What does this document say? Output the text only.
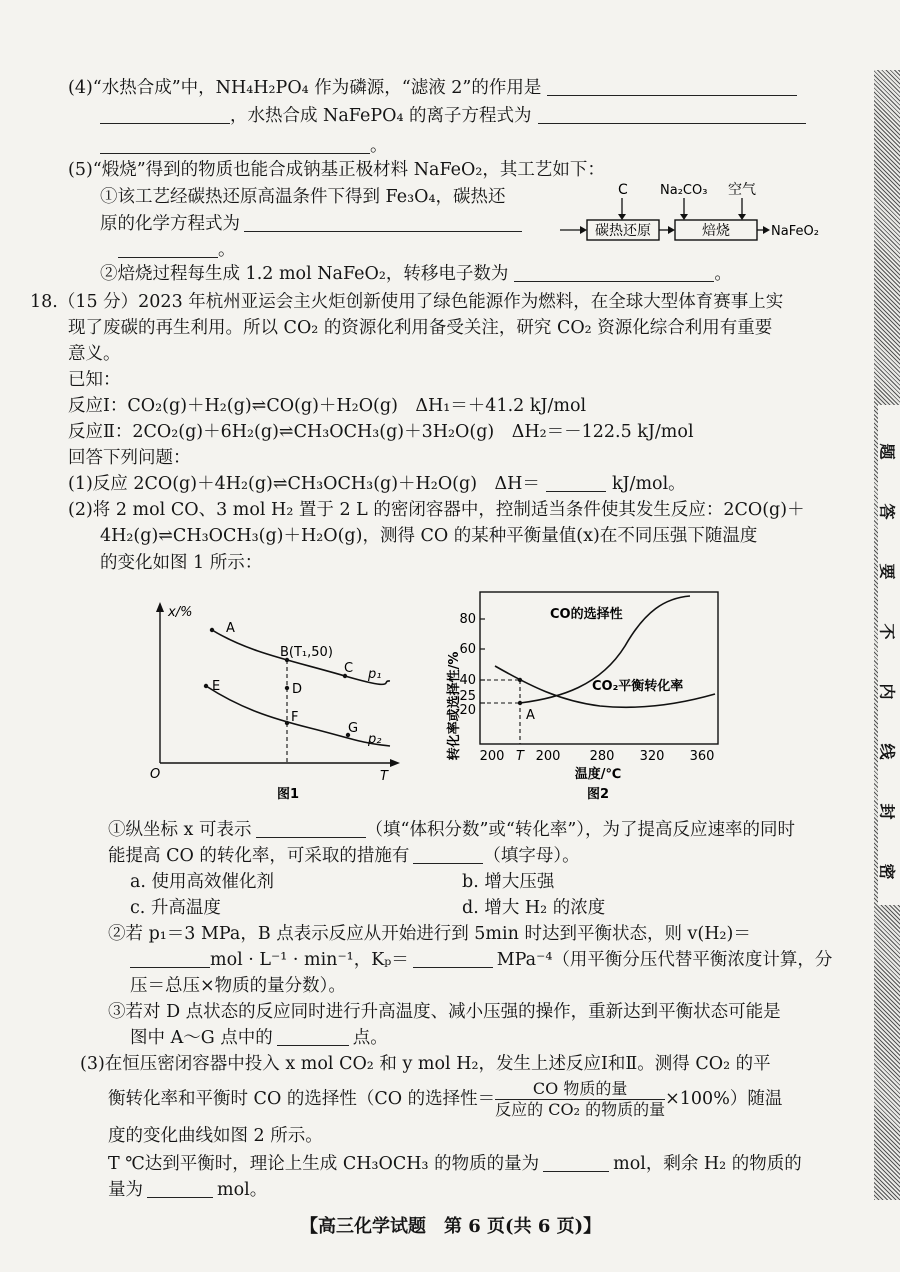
(4)“水热合成”中，NH₄H₂PO₄ 作为磷源，“滤液 2”的作用是
，水热合成 NaFePO₄ 的离子方程式为
。
(5)“煅烧”得到的物质也能合成钠基正极材料 NaFeO₂，其工艺如下：
①该工艺经碳热还原高温条件下得到 Fe₃O₄，碳热还
原的化学方程式为
。
C Na₂CO₃ 空气
碳热还原	焙烧	NaFeO₂
②焙烧过程每生成 1.2 mol NaFeO₂，转移电子数为	。
18.（15 分）2023 年杭州亚运会主火炬创新使用了绿色能源作为燃料，在全球大型体育赛事上实
现了废碳的再生利用。所以 CO₂ 的资源化利用备受关注，研究 CO₂ 资源化综合利用有重要
意义。
已知：
反应Ⅰ：CO₂(g)＋H₂(g)⇌CO(g)＋H₂O(g)　ΔH₁＝＋41.2 kJ/mol
反应Ⅱ：2CO₂(g)＋6H₂(g)⇌CH₃OCH₃(g)＋3H₂O(g)　ΔH₂＝－122.5 kJ/mol
回答下列问题：
(1)反应 2CO(g)＋4H₂(g)⇌CH₃OCH₃(g)＋H₂O(g)　ΔH＝	kJ/mol。
(2)将 2 mol CO、3 mol H₂ 置于 2 L 的密闭容器中，控制适当条件使其发生反应：2CO(g)＋
4H₂(g)⇌CH₃OCH₃(g)＋H₂O(g)，测得 CO 的某种平衡量值(x)在不同压强下随温度
的变化如图 1 所示：
x/%
T
O
A
B(T₁,50)
C
D
E
F
G
p₁
p₂
图1
转化率或选择性/%
80
60
40
25
20	A
CO的选择性
CO₂平衡转化率
200 T 200 280 320 360
温度/℃
图2
①纵坐标 x 可表示	（填“体积分数”或“转化率”），为了提高反应速率的同时
能提高 CO 的转化率，可采取的措施有	（填字母）。
a. 使用高效催化剂	b. 增大压强
c. 升高温度	d. 增大 H₂ 的浓度
②若 p₁＝3 MPa，B 点表示反应从开始进行到 5min 时达到平衡状态，则 v(H₂)＝
mol · L⁻¹ · min⁻¹，Kₚ＝	MPa⁻⁴（用平衡分压代替平衡浓度计算，分
压＝总压×物质的量分数）。
③若对 D 点状态的反应同时进行升高温度、减小压强的操作，重新达到平衡状态可能是
图中 A～G 点中的	点。
(3)在恒压密闭容器中投入 x mol CO₂ 和 y mol H₂，发生上述反应Ⅰ和Ⅱ。测得 CO₂ 的平
衡转化率和平衡时 CO 的选择性（CO 的选择性＝ $\frac{\text{CO 物质的量}}{\text{反应的 CO₂ 的物质的量}} \times 100\%$）随温
度的变化曲线如图 2 所示。
T ℃达到平衡时，理论上生成 CH₃OCH₃ 的物质的量为	mol，剩余 H₂ 的物质的
量为	mol。
【高三化学试题　第 6 页(共 6 页)】
题
答
要
不
内
线
封
密
